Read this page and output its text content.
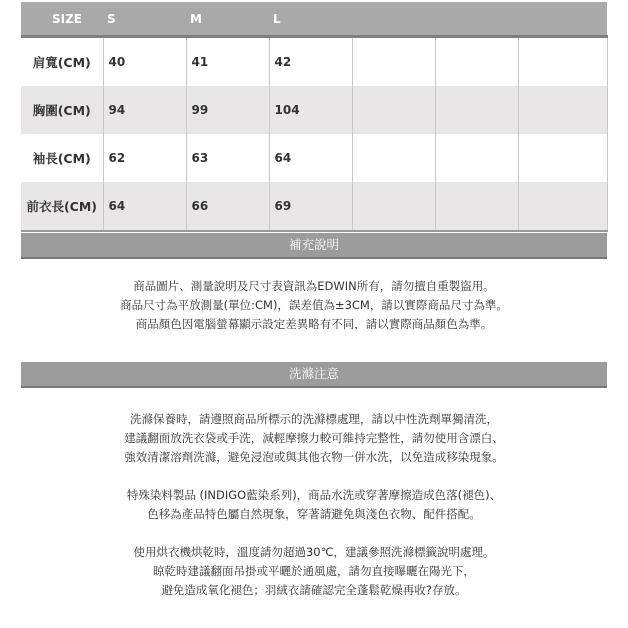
SIZE	S	M	L			
肩寬(CM)	40	41	42			
胸圍(CM)	94	99	104			
袖長(CM)	62	63	64			
前衣長(CM)	64	66	69			
補充說明

商品圖片、測量說明及尺寸表資訊為EDWIN所有，請勿擅自重製盜用。

商品尺寸為平放測量(單位:CM)，誤差值為±3CM，請以實際商品尺寸為準。

商品顏色因電腦螢幕顯示設定差異略有不同，請以實際商品顏色為準。

洗滌注意

洗滌保養時，請遵照商品所標示的洗滌標處理，請以中性洗劑單獨清洗，

建議翻面放洗衣袋或手洗，減輕摩擦力較可維持完整性，請勿使用含漂白、

強效清潔溶劑洗滌，避免浸泡或與其他衣物一併水洗，以免造成移染現象。

特殊染料製品 (INDIGO藍染系列)，商品水洗或穿著摩擦造成色落(褪色)、

色移為產品特色屬自然現象，穿著請避免與淺色衣物、配件搭配。

使用烘衣機烘乾時，溫度請勿超過30℃，建議參照洗滌標籤說明處理。

晾乾時建議翻面吊掛或平曬於通風處，請勿直接曝曬在陽光下，

避免造成氧化褪色；羽絨衣請確認完全蓬鬆乾燥再收?存放。
